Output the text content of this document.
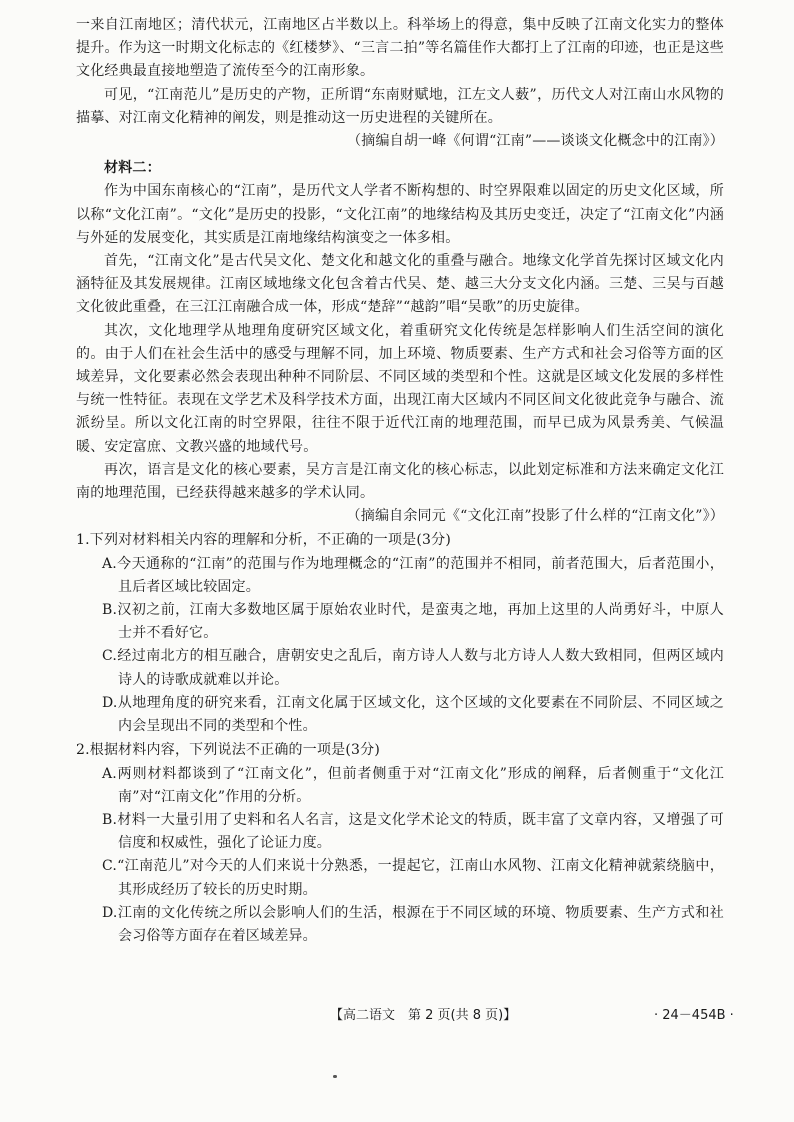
一来自江南地区；清代状元，江南地区占半数以上。科举场上的得意，集中反映了江南文化实力的整体提升。作为这一时期文化标志的《红楼梦》、“三言二拍”等名篇佳作大都打上了江南的印迹，也正是这些文化经典最直接地塑造了流传至今的江南形象。

可见，“江南范儿”是历史的产物，正所谓“东南财赋地，江左文人薮”，历代文人对江南山水风物的描摹、对江南文化精神的阐发，则是推动这一历史进程的关键所在。

（摘编自胡一峰《何谓“江南”——谈谈文化概念中的江南》）

材料二：

作为中国东南核心的“江南”，是历代文人学者不断构想的、时空界限难以固定的历史文化区域，所以称“文化江南”。“文化”是历史的投影，“文化江南”的地缘结构及其历史变迁，决定了“江南文化”内涵与外延的发展变化，其实质是江南地缘结构演变之一体多相。

首先，“江南文化”是古代吴文化、楚文化和越文化的重叠与融合。地缘文化学首先探讨区域文化内涵特征及其发展规律。江南区域地缘文化包含着古代吴、楚、越三大分支文化内涵。三楚、三吴与百越文化彼此重叠，在三江江南融合成一体，形成“楚辞”“越韵”唱“吴歌”的历史旋律。

其次，文化地理学从地理角度研究区域文化，着重研究文化传统是怎样影响人们生活空间的演化的。由于人们在社会生活中的感受与理解不同，加上环境、物质要素、生产方式和社会习俗等方面的区域差异，文化要素必然会表现出种种不同阶层、不同区域的类型和个性。这就是区域文化发展的多样性与统一性特征。表现在文学艺术及科学技术方面，出现江南大区域内不同区间文化彼此竞争与融合、流派纷呈。所以文化江南的时空界限，往往不限于近代江南的地理范围，而早已成为风景秀美、气候温暖、安定富庶、文教兴盛的地域代号。

再次，语言是文化的核心要素，吴方言是江南文化的核心标志，以此划定标准和方法来确定文化江南的地理范围，已经获得越来越多的学术认同。

（摘编自余同元《“文化江南”投影了什么样的“江南文化”》）

1.下列对材料相关内容的理解和分析，不正确的一项是(3分)

A.今天通称的“江南”的范围与作为地理概念的“江南”的范围并不相同，前者范围大，后者范围小，且后者区域比较固定。

B.汉初之前，江南大多数地区属于原始农业时代，是蛮夷之地，再加上这里的人尚勇好斗，中原人士并不看好它。

C.经过南北方的相互融合，唐朝安史之乱后，南方诗人人数与北方诗人人数大致相同，但两区域内诗人的诗歌成就难以并论。

D.从地理角度的研究来看，江南文化属于区域文化，这个区域的文化要素在不同阶层、不同区域之内会呈现出不同的类型和个性。

2.根据材料内容，下列说法不正确的一项是(3分)

A.两则材料都谈到了“江南文化”，但前者侧重于对“江南文化”形成的阐释，后者侧重于“文化江南”对“江南文化”作用的分析。

B.材料一大量引用了史料和名人名言，这是文化学术论文的特质，既丰富了文章内容，又增强了可信度和权威性，强化了论证力度。

C.“江南范儿”对今天的人们来说十分熟悉，一提起它，江南山水风物、江南文化精神就萦绕脑中，其形成经历了较长的历史时期。

D.江南的文化传统之所以会影响人们的生活，根源在于不同区域的环境、物质要素、生产方式和社会习俗等方面存在着区域差异。

【高二语文　第 2 页(共 8 页)】	· 24－454B ·
